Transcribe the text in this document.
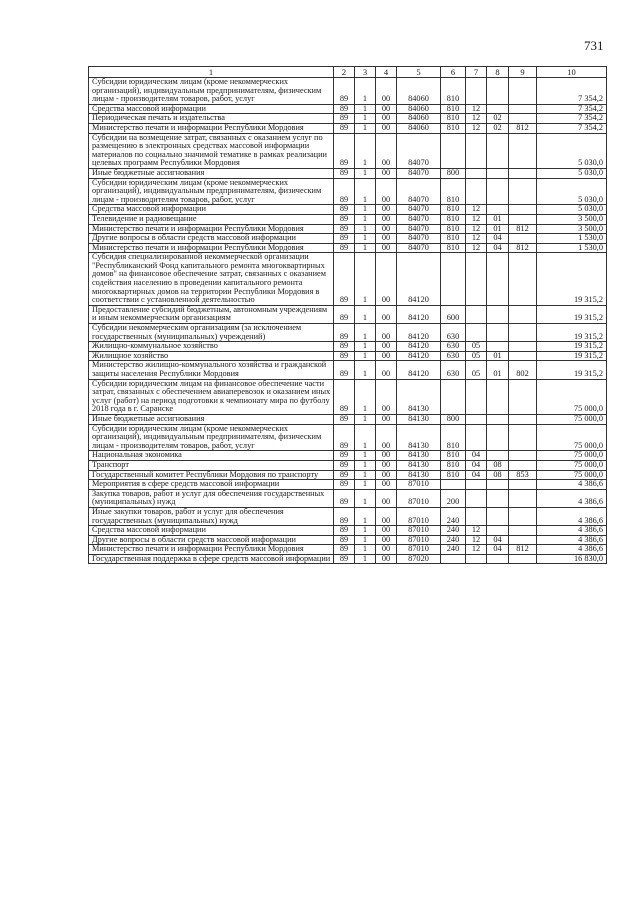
731
1	2	3	4	5	6	7	8	9	10
Субсидии юридическим лицам (кроме некоммерческих организаций), индивидуальным предпринимателям, физическим лицам - производителям товаров, работ, услуг	89	1	00	84060	810				7 354,2
Средства массовой информации	89	1	00	84060	810	12			7 354,2
Периодическая печать и издательства	89	1	00	84060	810	12	02		7 354,2
Министерство печати и информации Республики Мордовия	89	1	00	84060	810	12	02	812	7 354,2
Субсидии на возмещение затрат, связанных с оказанием услуг по размещению в электронных средствах массовой информации материалов по социально значимой тематике в рамках реализации целевых программ Республики Мордовия	89	1	00	84070					5 030,0
Иные бюджетные ассигнования	89	1	00	84070	800				5 030,0
Субсидии юридическим лицам (кроме некоммерческих организаций), индивидуальным предпринимателям, физическим лицам - производителям товаров, работ, услуг	89	1	00	84070	810				5 030,0
Средства массовой информации	89	1	00	84070	810	12			5 030,0
Телевидение и радиовещание	89	1	00	84070	810	12	01		3 500,0
Министерство печати и информации Республики Мордовия	89	1	00	84070	810	12	01	812	3 500,0
Другие вопросы в области средств массовой информации	89	1	00	84070	810	12	04		1 530,0
Министерство печати и информации Республики Мордовия	89	1	00	84070	810	12	04	812	1 530,0
Субсидия специализированной некоммерческой организации "Республиканский Фонд капитального ремонта многоквартирных домов" на финансовое обеспечение затрат, связанных с оказанием содействия населению в проведении капитального ремонта многоквартирных домов на территории Республики Мордовия в соответствии с установленной деятельностью	89	1	00	84120					19 315,2
Предоставление субсидий бюджетным, автономным учреждениям и иным некоммерческим организациям	89	1	00	84120	600				19 315,2
Субсидии некоммерческим организациям (за исключением государственных (муниципальных) учреждений)	89	1	00	84120	630				19 315,2
Жилищно-коммунальное хозяйство	89	1	00	84120	630	05			19 315,2
Жилищное хозяйство	89	1	00	84120	630	05	01		19 315,2
Министерство жилищно-коммунального хозяйства и гражданской защиты населения Республики Мордовия	89	1	00	84120	630	05	01	802	19 315,2
Субсидии юридическим лицам на финансовое обеспечение части затрат, связанных с обеспечением авиаперевозок и оказанием иных услуг (работ) на период подготовки к чемпионату мира по футболу 2018 года в г. Саранске	89	1	00	84130					75 000,0
Иные бюджетные ассигнования	89	1	00	84130	800				75 000,0
Субсидии юридическим лицам (кроме некоммерческих организаций), индивидуальным предпринимателям, физическим лицам - производителям товаров, работ, услуг	89	1	00	84130	810				75 000,0
Национальная экономика	89	1	00	84130	810	04			75 000,0
Транспорт	89	1	00	84130	810	04	08		75 000,0
Государственный комитет Республики Мордовия по транспорту	89	1	00	84130	810	04	08	853	75 000,0
Мероприятия в сфере средств массовой информации	89	1	00	87010					4 386,6
Закупка товаров, работ и услуг для обеспечения государственных (муниципальных) нужд	89	1	00	87010	200				4 386,6
Иные закупки товаров, работ и услуг для обеспечения государственных (муниципальных) нужд	89	1	00	87010	240				4 386,6
Средства массовой информации	89	1	00	87010	240	12			4 386,6
Другие вопросы в области средств массовой информации	89	1	00	87010	240	12	04		4 386,6
Министерство печати и информации Республики Мордовия	89	1	00	87010	240	12	04	812	4 386,6
Государственная поддержка в сфере средств массовой информации	89	1	00	87020					16 830,0
